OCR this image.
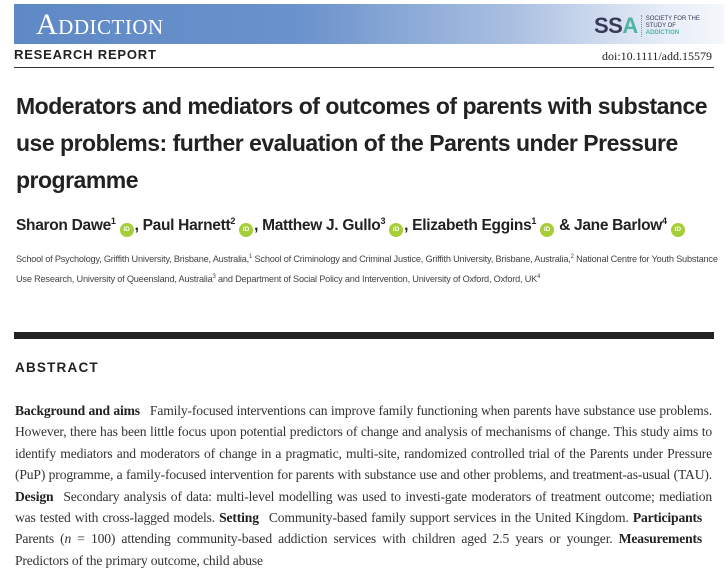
Addiction	SSA SOCIETY FOR THE
STUDY OF
ADDICTION
RESEARCH REPORT	doi:10.1111/add.15579
Moderators and mediators of outcomes of parents with substance use problems: further evaluation of the Parents under Pressure programme
Sharon Dawe$^1$iD , Paul Harnett$^2$iD , Matthew J. Gullo$^3$iD , Elizabeth Eggins$^1$iD & Jane Barlow$^4$iD
School of Psychology, Griffith University, Brisbane, Australia,$^1$ School of Criminology and Criminal Justice, Griffith University, Brisbane, Australia,$^2$ National Centre for Youth Substance Use Research, University of Queensland, Australia$^3$ and Department of Social Policy and Intervention, University of Oxford, Oxford, $UK^4$
ABSTRACT

Background and aims Family-focused interventions can improve family functioning when parents have substance use problems. However, there has been little focus upon potential predictors of change and analysis of mechanisms of change. This study aims to identify mediators and moderators of change in a pragmatic, multi-site, randomized controlled trial of the Parents under Pressure (PuP) programme, a family-focused intervention for parents with substance use and other problems, and treatment-as-usual (TAU). Design Secondary analysis of data: multi-level modelling was used to investi-gate moderators of treatment outcome; mediation was tested with cross-lagged models. Setting Community-based family support services in the United Kingdom. ParticipantsParents (n = 100) attending community-based addiction services with children aged 2.5 years or younger. MeasurementsPredictors of the primary outcome, child abuse
